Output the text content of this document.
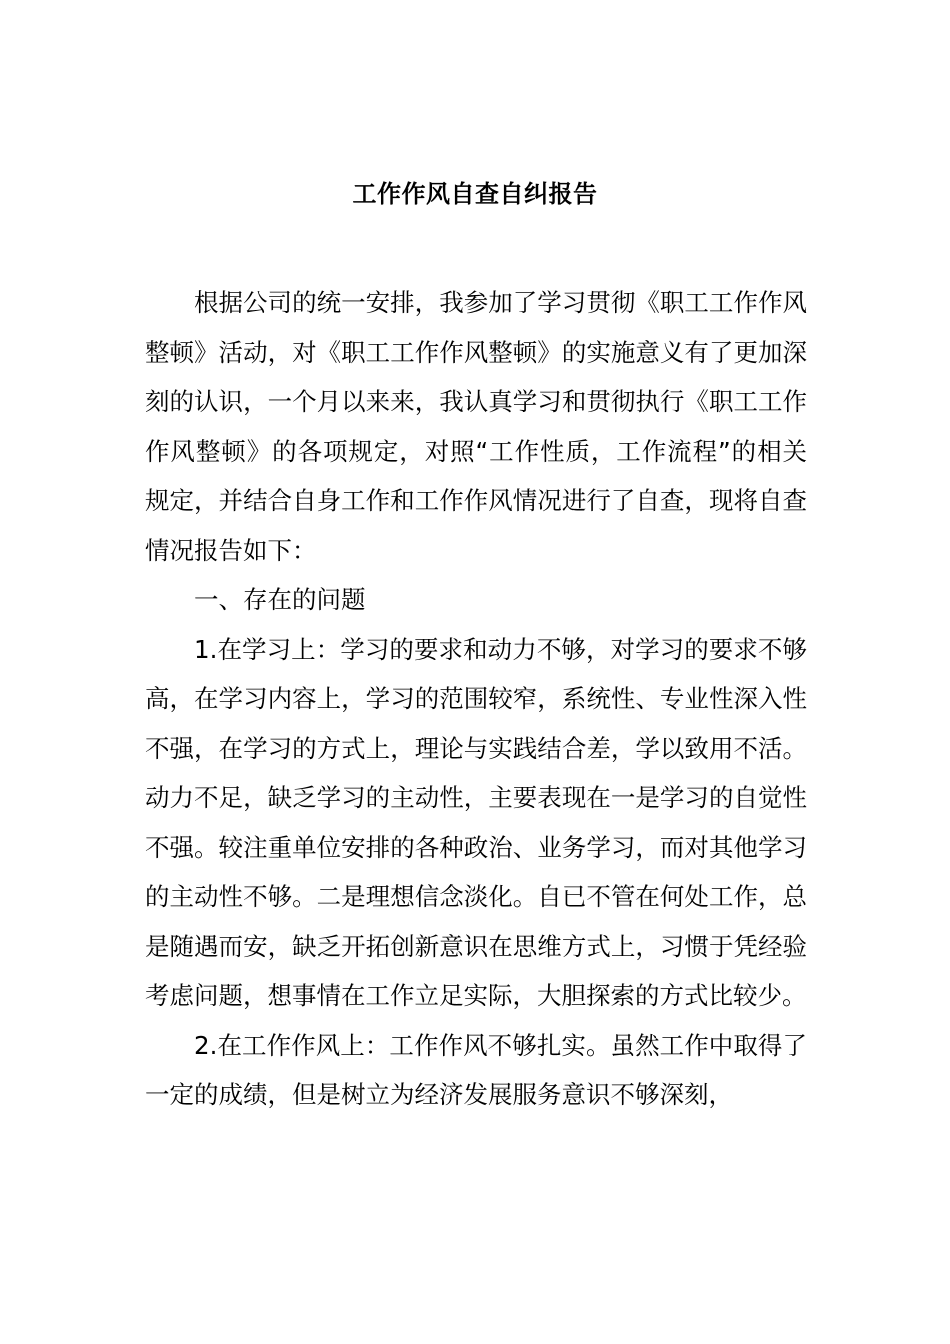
工作作风自查自纠报告

根据公司的统一安排，我参加了学习贯彻《职工工作作风整顿》活动，对《职工工作作风整顿》的实施意义有了更加深刻的认识，一个月以来来，我认真学习和贯彻执行《职工工作作风整顿》的各项规定，对照“工作性质，工作流程”的相关规定，并结合自身工作和工作作风情况进行了自查，现将自查情况报告如下：

一、存在的问题

1.在学习上：学习的要求和动力不够，对学习的要求不够高，在学习内容上，学习的范围较窄，系统性、专业性深入性不强，在学习的方式上，理论与实践结合差，学以致用不活。动力不足，缺乏学习的主动性，主要表现在一是学习的自觉性不强。较注重单位安排的各种政治、业务学习，而对其他学习的主动性不够。二是理想信念淡化。自已不管在何处工作，总是随遇而安，缺乏开拓创新意识在思维方式上，习惯于凭经验考虑问题，想事情在工作立足实际，大胆探索的方式比较少。

2.在工作作风上：工作作风不够扎实。虽然工作中取得了一定的成绩，但是树立为经济发展服务意识不够深刻，
